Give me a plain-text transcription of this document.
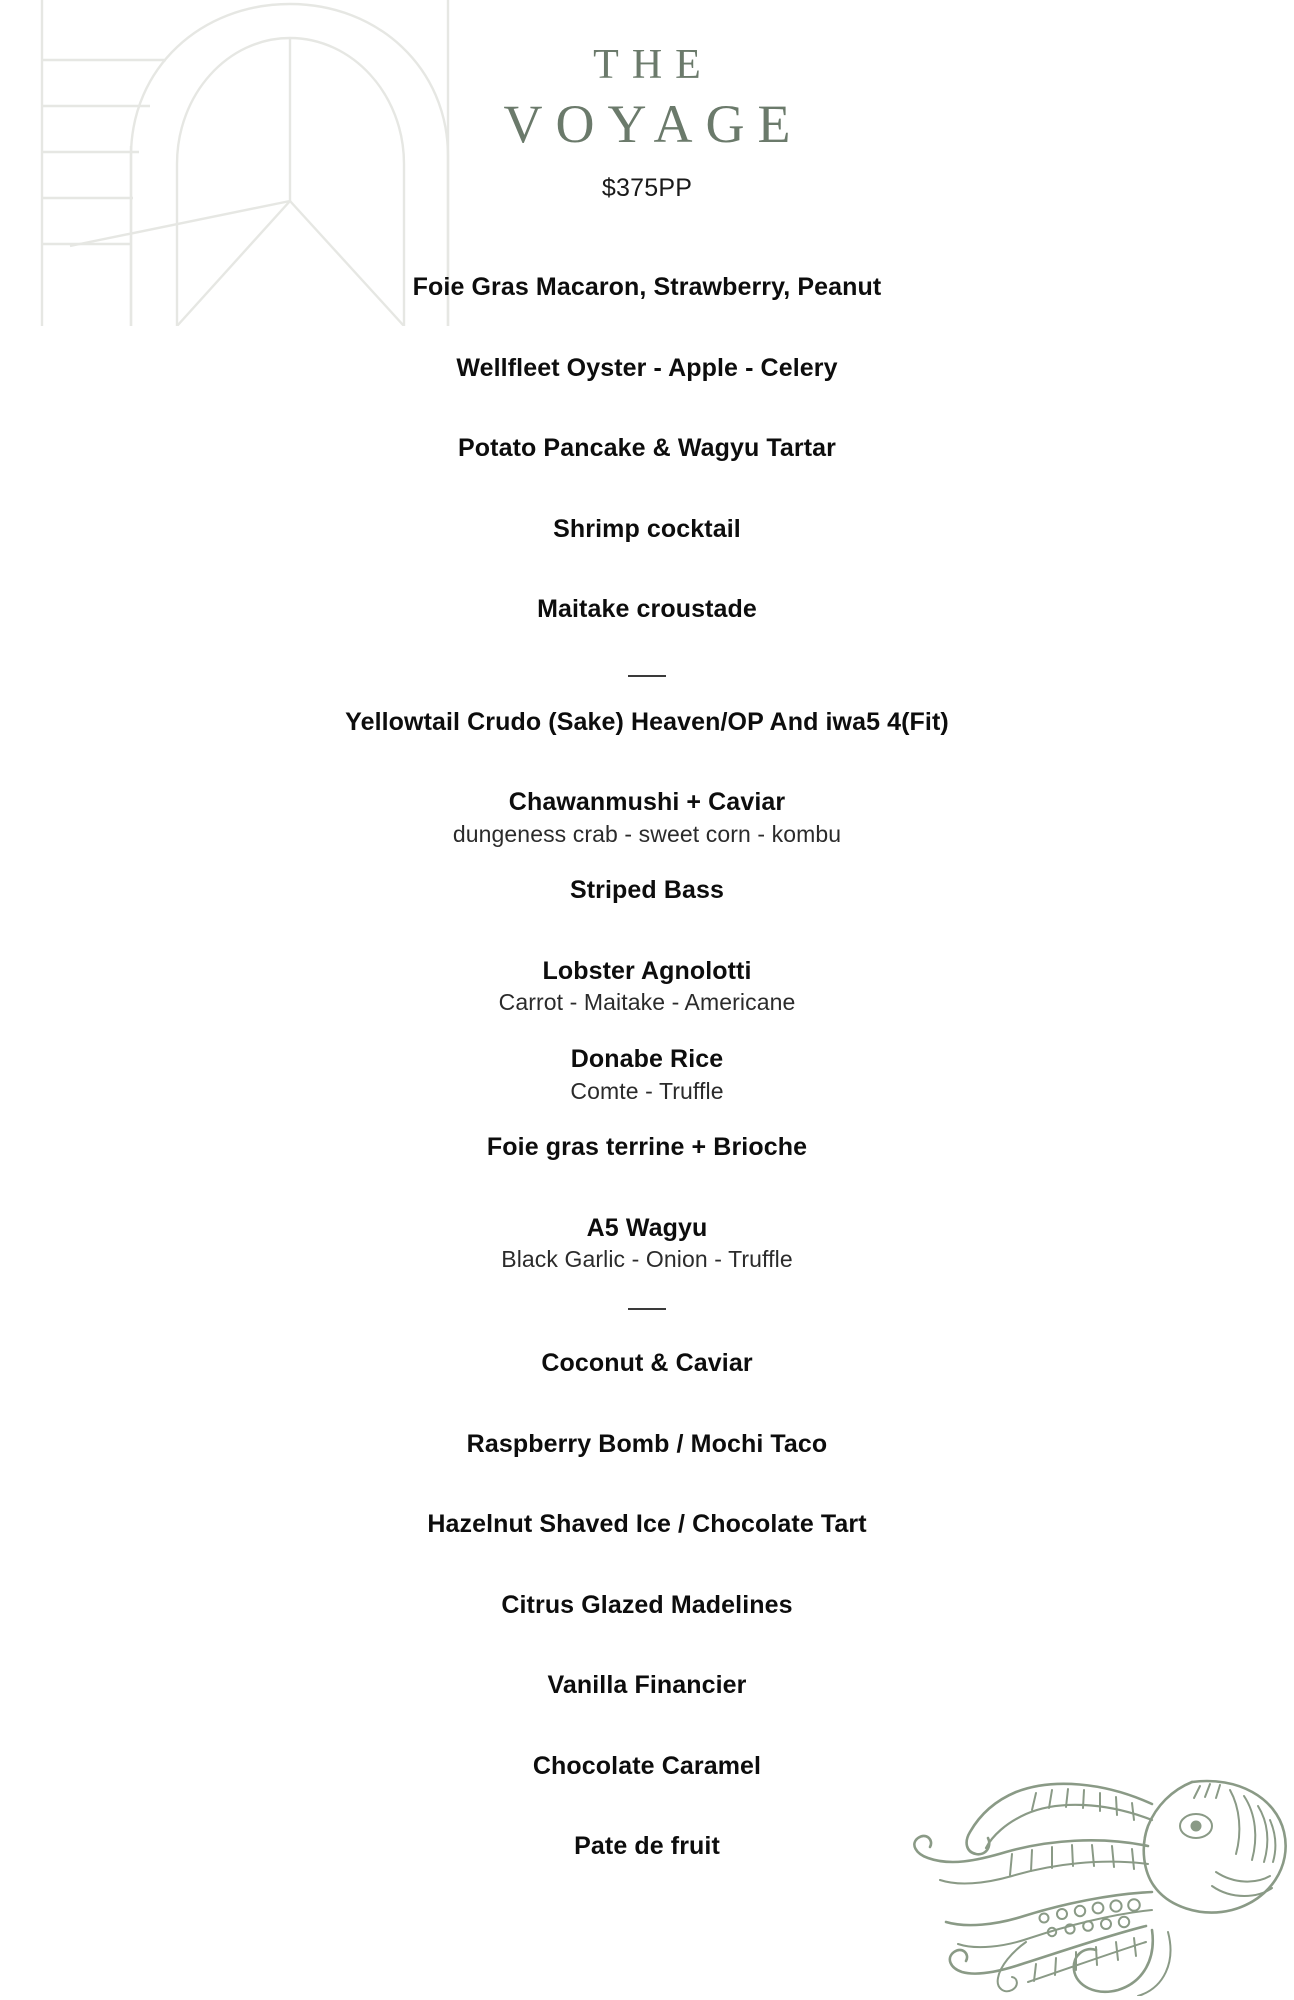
THE
VOYAGE
$375PP
Foie Gras Macaron, Strawberry, Peanut
Wellfleet Oyster - Apple - Celery
Potato Pancake & Wagyu Tartar
Shrimp cocktail
Maitake croustade
Yellowtail Crudo (Sake) Heaven/OP And iwa5 4(Fit)
Chawanmushi + Caviar
dungeness crab - sweet corn - kombu
Striped Bass
Lobster Agnolotti
Carrot - Maitake - Americane
Donabe Rice
Comte - Truffle
Foie gras terrine + Brioche
A5 Wagyu
Black Garlic - Onion - Truffle
Coconut & Caviar
Raspberry Bomb / Mochi Taco
Hazelnut Shaved Ice / Chocolate Tart
Citrus Glazed Madelines
Vanilla Financier
Chocolate Caramel
Pate de fruit
